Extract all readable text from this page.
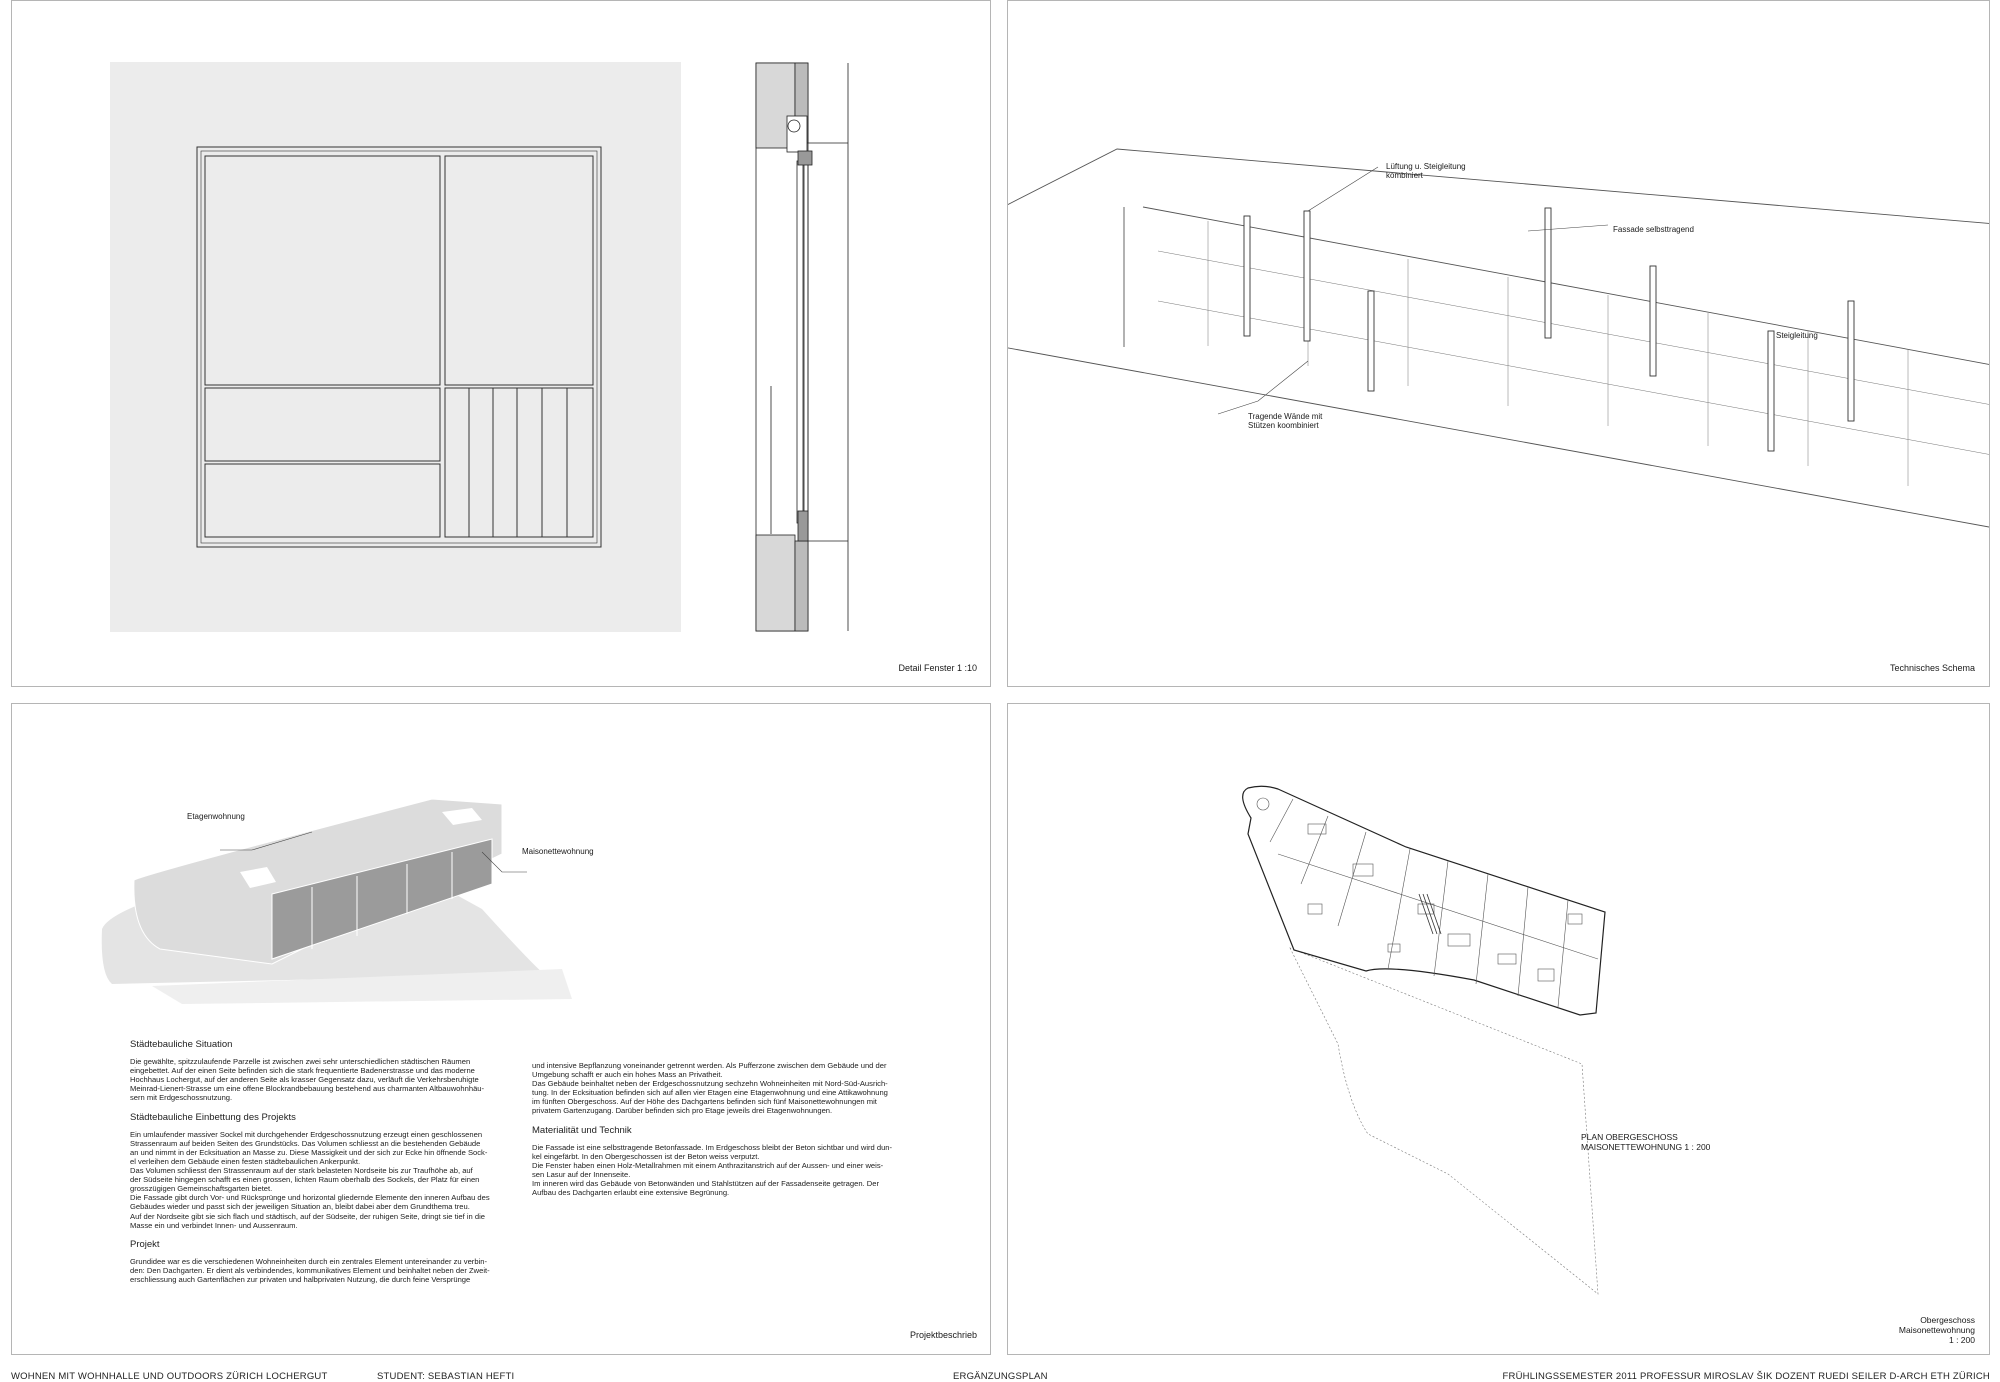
Detail Fenster 1 :10
Lüftung u. Steigleitung
kombiniert
Fassade selbsttragend
Steigleitung
Tragende Wände mit
Stützen koombiniert
Technisches Schema
Etagenwohnung
Maisonettewohnung
Städtebauliche Situation

Die gewählte, spitzzulaufende Parzelle ist zwischen zwei sehr unterschiedlichen städtischen Räumen
eingebettet. Auf der einen Seite befinden sich die stark frequentierte Badenerstrasse und das moderne
Hochhaus Lochergut, auf der anderen Seite als krasser Gegensatz dazu, verläuft die Verkehrsberuhigte
Meinrad-Lienert-Strasse um eine offene Blockrandbebauung bestehend aus charmanten Altbauwohnhäu-
sern mit Erdgeschossnutzung.

Städtebauliche Einbettung des Projekts

Ein umlaufender massiver Sockel mit durchgehender Erdgeschossnutzung erzeugt einen geschlossenen
Strassenraum auf beiden Seiten des Grundstücks. Das Volumen schliesst an die bestehenden Gebäude
an und nimmt in der Ecksituation an Masse zu. Diese Massigkeit und der sich zur Ecke hin öffnende Sock-
el verleihen dem Gebäude einen festen städtebaulichen Ankerpunkt.
Das Volumen schliesst den Strassenraum auf der stark belasteten Nordseite bis zur Traufhöhe ab, auf
der Südseite hingegen schafft es einen grossen, lichten Raum oberhalb des Sockels, der Platz für einen
grosszügigen Gemeinschaftsgarten bietet.
Die Fassade gibt durch Vor- und Rücksprünge und horizontal gliedernde Elemente den inneren Aufbau des
Gebäudes wieder und passt sich der jeweiligen Situation an, bleibt dabei aber dem Grundthema treu.
Auf der Nordseite gibt sie sich flach und städtisch, auf der Südseite, der ruhigen Seite, dringt sie tief in die
Masse ein und verbindet Innen- und Aussenraum.

Projekt

Grundidee war es die verschiedenen Wohneinheiten durch ein zentrales Element untereinander zu verbin-
den: Den Dachgarten. Er dient als verbindendes, kommunikatives Element und beinhaltet neben der Zweit-
erschliessung auch Gartenflächen zur privaten und halbprivaten Nutzung, die durch feine Versprünge

und intensive Bepflanzung voneinander getrennt werden. Als Pufferzone zwischen dem Gebäude und der
Umgebung schafft er auch ein hohes Mass an Privatheit.
Das Gebäude beinhaltet neben der Erdgeschossnutzung sechzehn Wohneinheiten mit Nord-Süd-Ausrich-
tung. In der Ecksituation befinden sich auf allen vier Etagen eine Etagenwohnung und eine Attikawohnung
im fünften Obergeschoss. Auf der Höhe des Dachgartens befinden sich fünf Maisonettewohnungen mit
privatem Gartenzugang. Darüber befinden sich pro Etage jeweils drei Etagenwohnungen.

Materialität und Technik

Die Fassade ist eine selbsttragende Betonfassade. Im Erdgeschoss bleibt der Beton sichtbar und wird dun-
kel eingefärbt. In den Obergeschossen ist der Beton weiss verputzt.
Die Fenster haben einen Holz-Metallrahmen mit einem Anthrazitanstrich auf der Aussen- und einer weis-
sen Lasur auf der Innenseite.
Im inneren wird das Gebäude von Betonwänden und Stahlstützen auf der Fassadenseite getragen. Der
Aufbau des Dachgarten erlaubt eine extensive Begrünung.

Projektbeschrieb
PLAN OBERGESCHOSS
MAISONETTEWOHNUNG 1 : 200
Obergeschoss
Maisonettewohnung
1 : 200
WOHNEN MIT WOHNHALLE UND OUTDOORS ZÜRICH LOCHERGUT	STUDENT: SEBASTIAN HEFTI	ERGÄNZUNGSPLAN	FRÜHLINGSSEMESTER 2011 PROFESSUR MIROSLAV ŠIK DOZENT RUEDI SEILER D-ARCH ETH ZÜRICH
